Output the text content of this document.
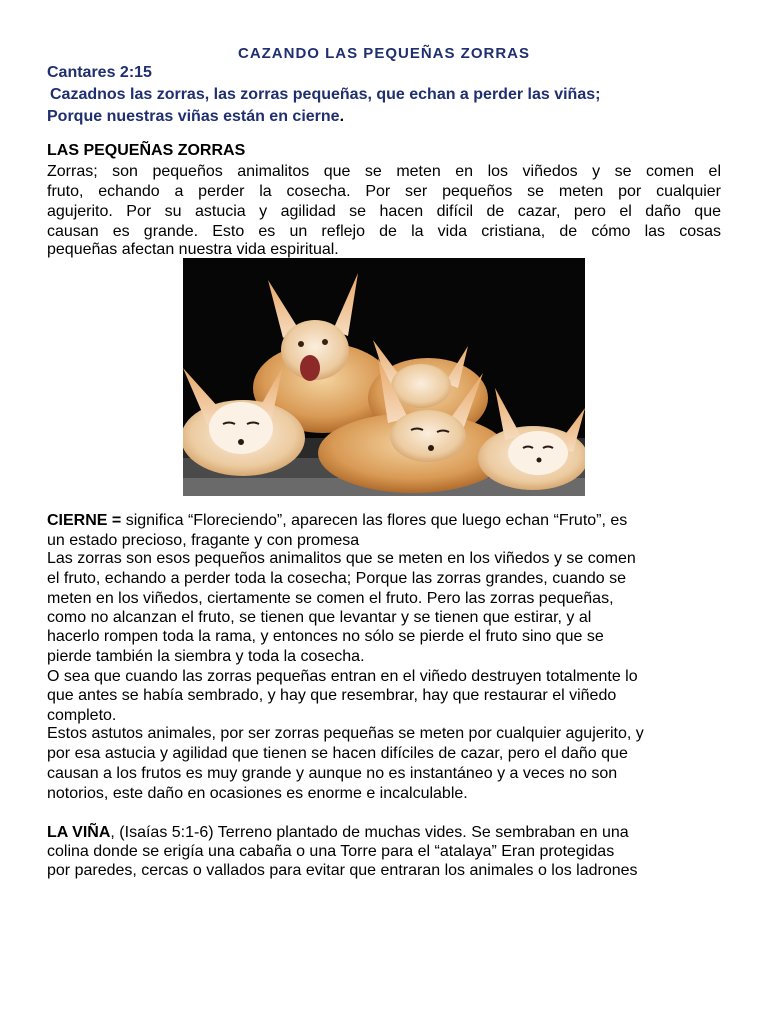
CAZANDO LAS PEQUEÑAS ZORRAS
Cantares 2:15
Cazadnos las zorras, las zorras pequeñas, que echan a perder las viñas;
Porque nuestras viñas están en cierne.
LAS PEQUEÑAS ZORRAS
Zorras; son pequeños animalitos que se meten en los viñedos y se comen el
fruto, echando a perder la cosecha. Por ser pequeños se meten por cualquier
agujerito. Por su astucia y agilidad se hacen difícil de cazar, pero el daño que
causan es grande. Esto es un reflejo de la vida cristiana, de cómo las cosas
pequeñas afectan nuestra vida espiritual.
CIERNE = significa “Floreciendo”, aparecen las flores que luego echan “Fruto”, es
un estado precioso, fragante y con promesa
Las zorras son esos pequeños animalitos que se meten en los viñedos y se comen
el fruto, echando a perder toda la cosecha; Porque las zorras grandes, cuando se
meten en los viñedos, ciertamente se comen el fruto. Pero las zorras pequeñas,
como no alcanzan el fruto, se tienen que levantar y se tienen que estirar, y al
hacerlo rompen toda la rama, y entonces no sólo se pierde el fruto sino que se
pierde también la siembra y toda la cosecha.
O sea que cuando las zorras pequeñas entran en el viñedo destruyen totalmente lo
que antes se había sembrado, y hay que resembrar, hay que restaurar el viñedo
completo.
Estos astutos animales, por ser zorras pequeñas se meten por cualquier agujerito, y
por esa astucia y agilidad que tienen se hacen difíciles de cazar, pero el daño que
causan a los frutos es muy grande y aunque no es instantáneo y a veces no son
notorios, este daño en ocasiones es enorme e incalculable.
LA VIÑA, (Isaías 5:1-6) Terreno plantado de muchas vides. Se sembraban en una
colina donde se erigía una cabaña o una Torre para el “atalaya” Eran protegidas
por paredes, cercas o vallados para evitar que entraran los animales o los ladrones
